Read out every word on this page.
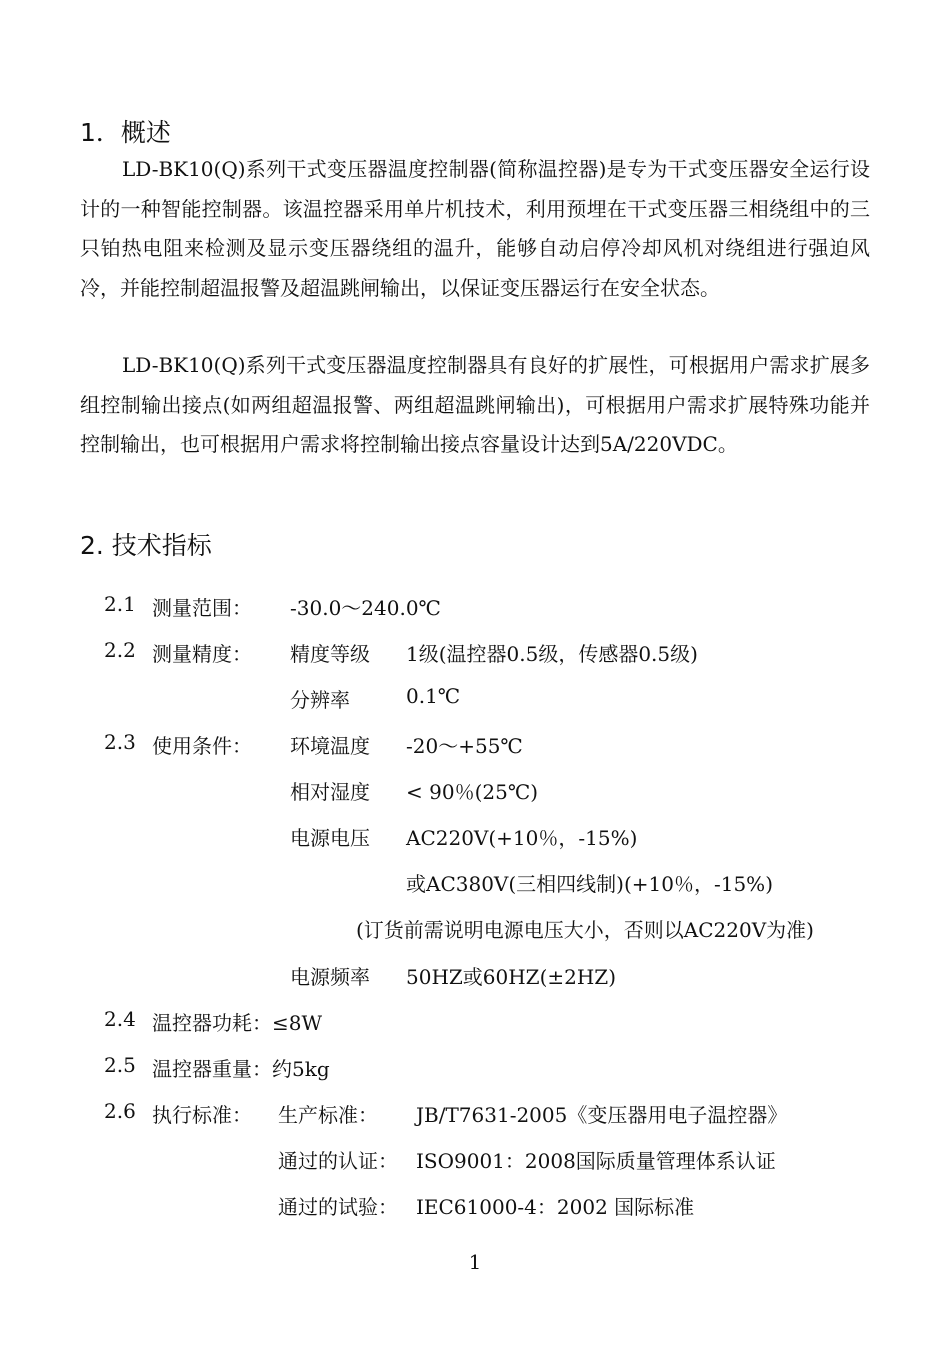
1．概述

LD-BK10(Q)系列干式变压器温度控制器(简称温控器)是专为干式变压器安全运行设计的一种智能控制器。该温控器采用单片机技术，利用预埋在干式变压器三相绕组中的三只铂热电阻来检测及显示变压器绕组的温升，能够自动启停冷却风机对绕组进行强迫风冷，并能控制超温报警及超温跳闸输出，以保证变压器运行在安全状态。

LD-BK10(Q)系列干式变压器温度控制器具有良好的扩展性，可根据用户需求扩展多组控制输出接点(如两组超温报警、两组超温跳闸输出)，可根据用户需求扩展特殊功能并控制输出，也可根据用户需求将控制输出接点容量设计达到5A/220VDC。

2. 技术指标
2.1 测量范围： -30.0～240.0℃
2.2 测量精度： 精度等级 1级(温控器0.5级，传感器0.5级)
分辨率	0.1℃
2.3 使用条件： 环境温度 -20～+55℃
相对湿度 < 90％(25℃)
电源电压 AC220V(+10％，-15%)
或AC380V(三相四线制)(+10％，-15%)
(订货前需说明电源电压大小，否则以AC220V为准)
电源频率 50HZ或60HZ(±2HZ)
2.4 温控器功耗：≤8W
2.5 温控器重量：约5kg
2.6 执行标准： 生产标准： JB/T7631-2005《变压器用电子温控器》
通过的认证： ISO9001：2008国际质量管理体系认证
通过的试验： IEC61000-4：2002 国际标准
1
